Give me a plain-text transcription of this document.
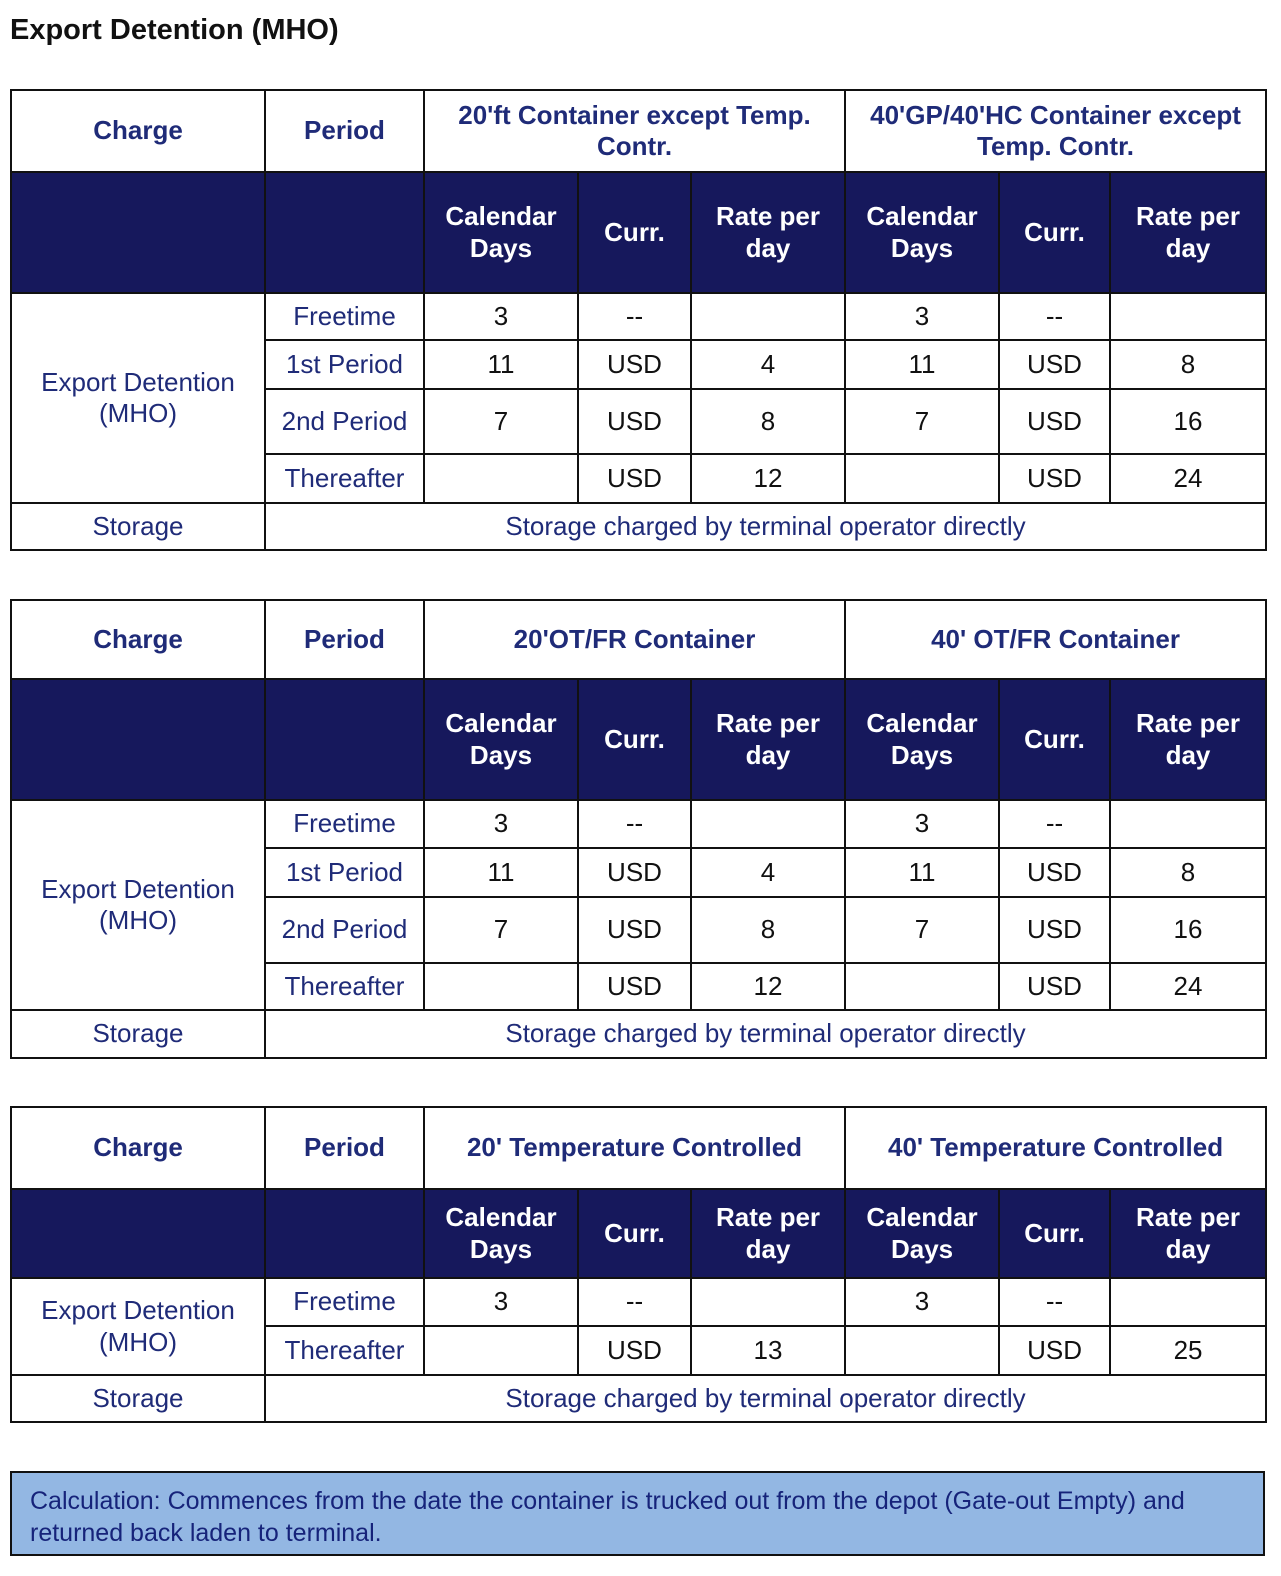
Export Detention (MHO)
Charge	Period	20'ft Container except Temp. Contr.			40'GP/40'HC Container except Temp. Contr.		
		Calendar Days	Curr.	Rate per day	Calendar Days	Curr.	Rate per day
Export Detention (MHO)	Freetime	3	--		3	--	
	1st Period	11	USD	4	11	USD	8
	2nd Period	7	USD	8	7	USD	16
	Thereafter		USD	12		USD	24
Storage	Storage charged by terminal operator directly						
Charge	Period	20'OT/FR Container			40' OT/FR Container		
		Calendar Days	Curr.	Rate per day	Calendar Days	Curr.	Rate per day
Export Detention (MHO)	Freetime	3	--		3	--	
	1st Period	11	USD	4	11	USD	8
	2nd Period	7	USD	8	7	USD	16
	Thereafter		USD	12		USD	24
Storage	Storage charged by terminal operator directly						
Charge	Period	20' Temperature Controlled			40' Temperature Controlled		
		Calendar Days	Curr.	Rate per day	Calendar Days	Curr.	Rate per day
Export Detention (MHO)	Freetime	3	--		3	--	
	Thereafter		USD	13		USD	25
Storage	Storage charged by terminal operator directly						
Calculation: Commences from the date the container is trucked out from the depot (Gate-out Empty) and returned back laden to terminal.
